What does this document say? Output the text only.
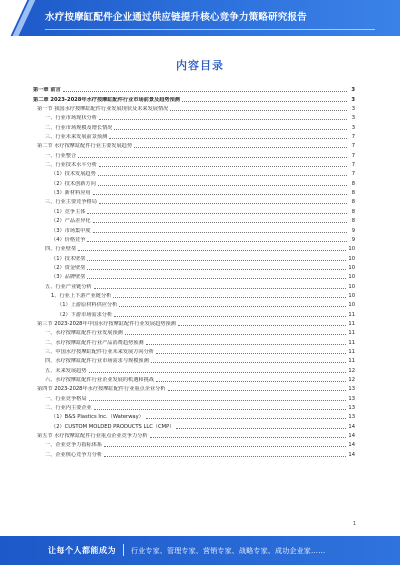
水疗按摩缸配件企业通过供应链提升核心竞争力策略研究报告
内容目录
第一章 前言	3
第二章 2023-2028年水疗按摩缸配件行业市场前景及趋势预测	3
第一节 我国水疗按摩缸配件行业发展现状及未来发展情况	3
一、行业市场现状分析	3
二、行业市场规模及增长情况	3
三、行业未来发展前景预测	7
第二节 水疗按摩缸配件行业主要发展趋势	7
一、行业整合	7
二、行业技术水平分析	7
（1）技术发展趋势	7
（2）技术创新方向	8
（3）新材料应用	8
三、行业主要竞争格局	8
（1）竞争主体	8
（2）产品差异化	8
（3）市场集中度	9
（4）价格竞争	9
四、行业壁垒	10
（1）技术壁垒	10
（2）资金壁垒	10
（3）品牌壁垒	10
五、行业产业链分析	10
1、行业上下游产业链分析	10
（1）上游原材料供应分析	10
（2）下游市场需求分析	11
第三节 2023-2028年中国水疗按摩缸配件行业发展趋势预测	11
一、水疗按摩缸配件行业发展预测	11
二、水疗按摩缸配件行业产品消费趋势预测	11
三、中国水疗按摩缸配件行业未来发展方向分析	11
四、水疗按摩缸配件行业市场需求与规模预测	11
五、未来发展趋势	12
六、水疗按摩缸配件行业企业发展的机遇和挑战	12
第四节 2023-2028年水疗按摩缸配件行业重点企业分析	13
一、行业竞争格局	13
二、行业内主要企业	13
（1）B&S Plastics Inc.（Waterway）	13
（2）CUSTOM MOLDED PRODUCTS LLC（CMP）	14
第五节 水疗按摩缸配件行业重点企业竞争力分析	14
一、企业竞争力指标体系	14
二、企业核心竞争力分析	14
1
让每个人都能成为 行业专家、管理专家、营销专家、战略专家、成功企业家……
